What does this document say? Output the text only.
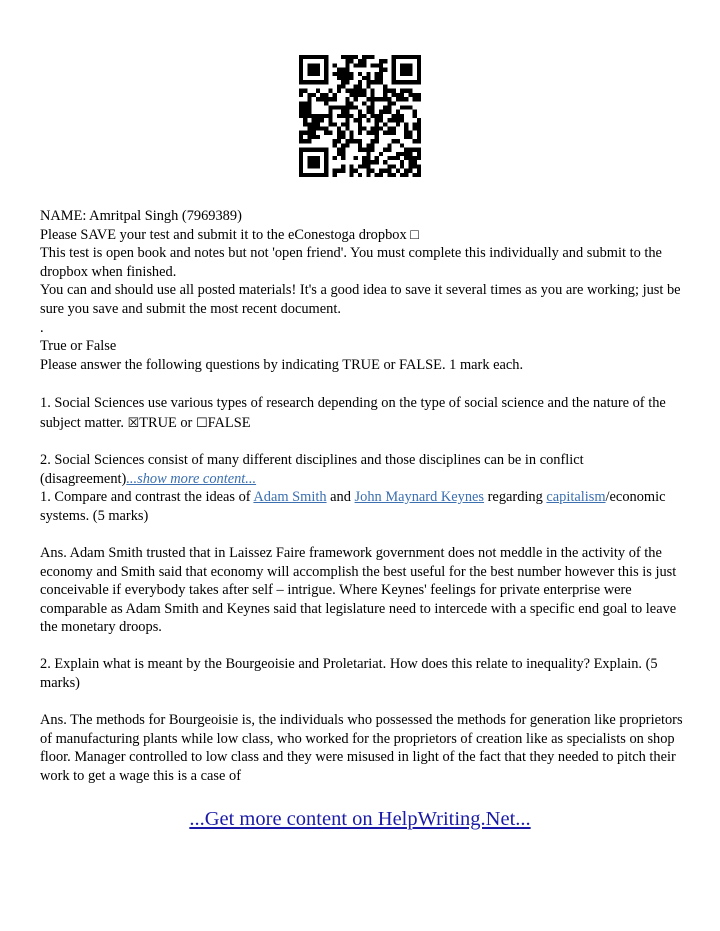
NAME: Amritpal Singh (7969389)

Please SAVE your test and submit it to the eConestoga dropbox □

This test is open book and notes but not 'open friend'. You must complete this individually and submit to the dropbox when finished.

You can and should use all posted materials! It's a good idea to save it several times as you are working; just be sure you save and submit the most recent document.

.

True or False

Please answer the following questions by indicating TRUE or FALSE. 1 mark each.

1. Social Sciences use various types of research depending on the type of social science and the nature of the subject matter. ☒TRUE or ☐FALSE

2. Social Sciences consist of many different disciplines and those disciplines can be in conflict (disagreement)...show more content...

1. Compare and contrast the ideas of Adam Smith and John Maynard Keynes regarding capitalism/economic systems. (5 marks)

Ans. Adam Smith trusted that in Laissez Faire framework government does not meddle in the activity of the economy and Smith said that economy will accomplish the best useful for the best number however this is just conceivable if everybody takes after self – intrigue. Where Keynes' feelings for private enterprise were comparable as Adam Smith and Keynes said that legislature need to intercede with a specific end goal to leave the monetary droops.

2. Explain what is meant by the Bourgeoisie and Proletariat. How does this relate to inequality? Explain. (5 marks)

Ans. The methods for Bourgeoisie is, the individuals who possessed the methods for generation like proprietors of manufacturing plants while low class, who worked for the proprietors of creation like as specialists on shop floor. Manager controlled to low class and they were misused in light of the fact that they needed to pitch their work to get a wage this is a case of

...Get more content on HelpWriting.Net...
